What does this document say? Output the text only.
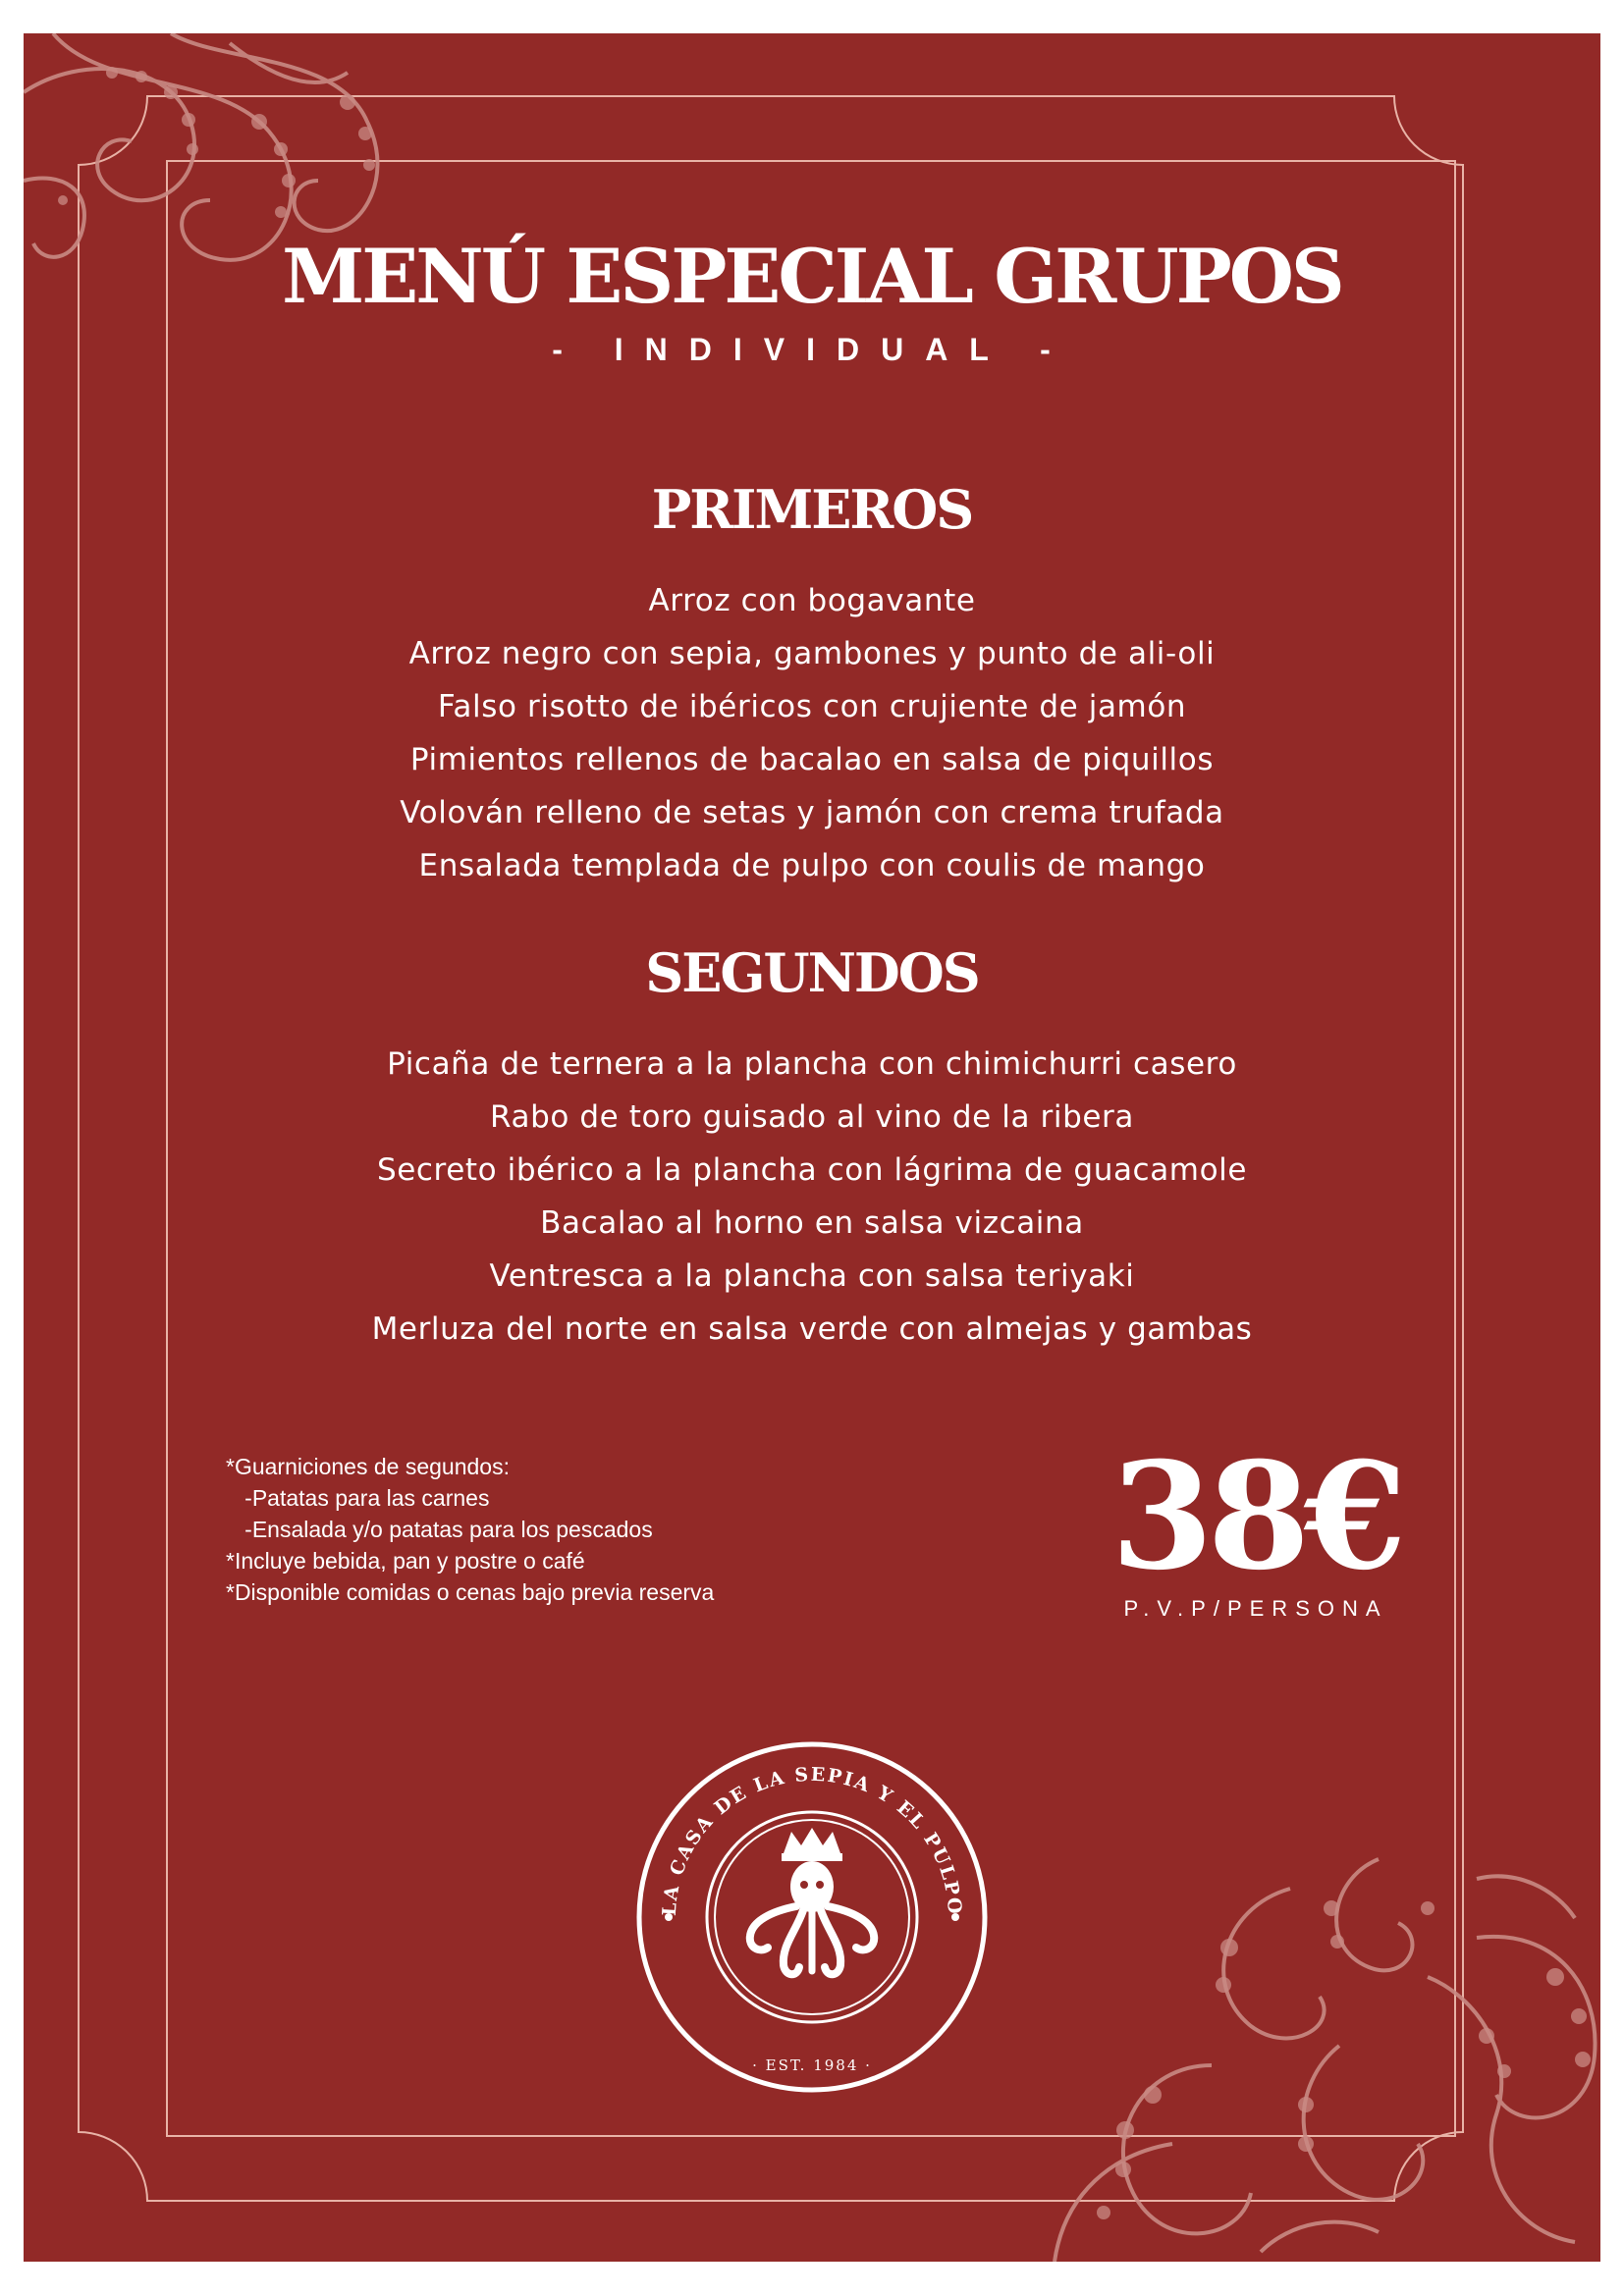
MENÚ ESPECIAL GRUPOS
- INDIVIDUAL -
PRIMEROS
Arroz con bogavante
Arroz negro con sepia, gambones y punto de ali-oli
Falso risotto de ibéricos con crujiente de jamón
Pimientos rellenos de bacalao en salsa de piquillos
Volován relleno de setas y jamón con crema trufada
Ensalada templada de pulpo con coulis de mango
SEGUNDOS
Picaña de ternera a la plancha con chimichurri casero
Rabo de toro guisado al vino de la ribera
Secreto ibérico a la plancha con lágrima de guacamole
Bacalao al horno en salsa vizcaina
Ventresca a la plancha con salsa teriyaki
Merluza del norte en salsa verde con almejas y gambas
*Guarniciones de segundos:
-Patatas para las carnes
-Ensalada y/o patatas para los pescados
*Incluye bebida, pan y postre o café
*Disponible comidas o cenas bajo previa reserva	38€
P.V.P/PERSONA
LA CASA DE LA SEPIA Y EL PULPO
· EST. 1984 ·
